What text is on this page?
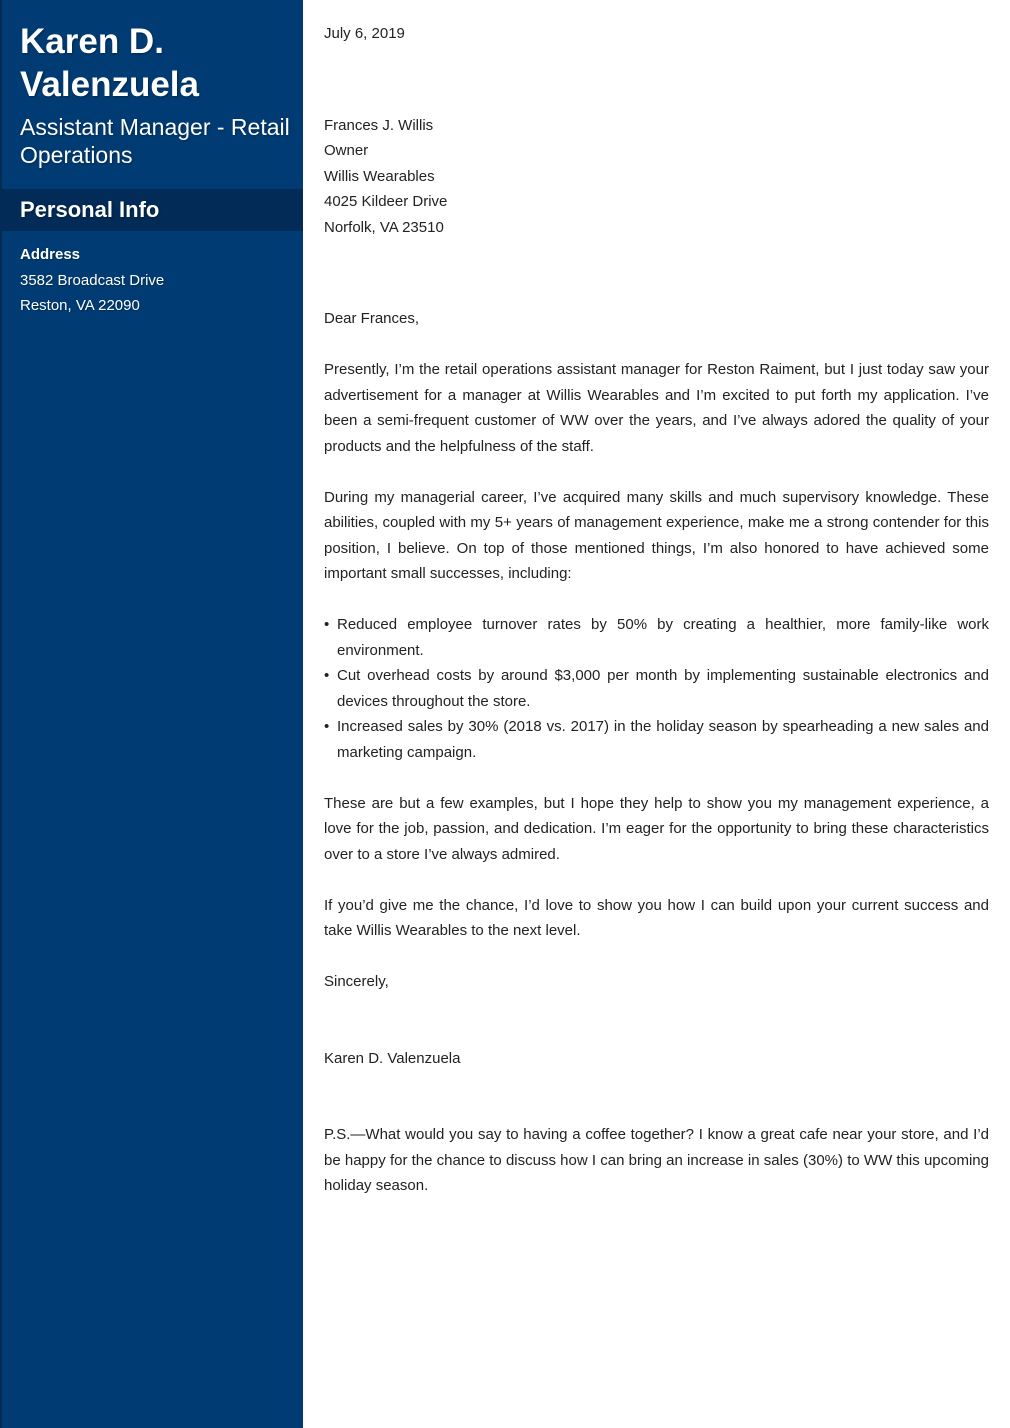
Karen D. Valenzuela
Assistant Manager - Retail Operations
Personal Info
Address
3582 Broadcast Drive
Reston, VA 22090

July 6, 2019

Frances J. Willis
Owner
Willis Wearables
4025 Kildeer Drive
Norfolk, VA 23510

Dear Frances,

Presently, I’m the retail operations assistant manager for Reston Raiment, but I just today saw your advertisement for a manager at Willis Wearables and I’m excited to put forth my application. I’ve been a semi-frequent customer of WW over the years, and I’ve always adored the quality of your products and the helpfulness of the staff.

During my managerial career, I’ve acquired many skills and much supervisory knowledge. These abilities, coupled with my 5+ years of management experience, make me a strong contender for this position, I believe. On top of those mentioned things, I’m also honored to have achieved some important small successes, including:

• Reduced employee turnover rates by 50% by creating a healthier, more family-like work environment.
• Cut overhead costs by around $3,000 per month by implementing sustainable electronics and devices throughout the store.
• Increased sales by 30% (2018 vs. 2017) in the holiday season by spearheading a new sales and marketing campaign.

These are but a few examples, but I hope they help to show you my management experience, a love for the job, passion, and dedication. I’m eager for the opportunity to bring these characteristics over to a store I’ve always admired.

If you’d give me the chance, I’d love to show you how I can build upon your current success and take Willis Wearables to the next level.

Sincerely,

Karen D. Valenzuela

P.S.—What would you say to having a coffee together? I know a great cafe near your store, and I’d be happy for the chance to discuss how I can bring an increase in sales (30%) to WW this upcoming holiday season.
